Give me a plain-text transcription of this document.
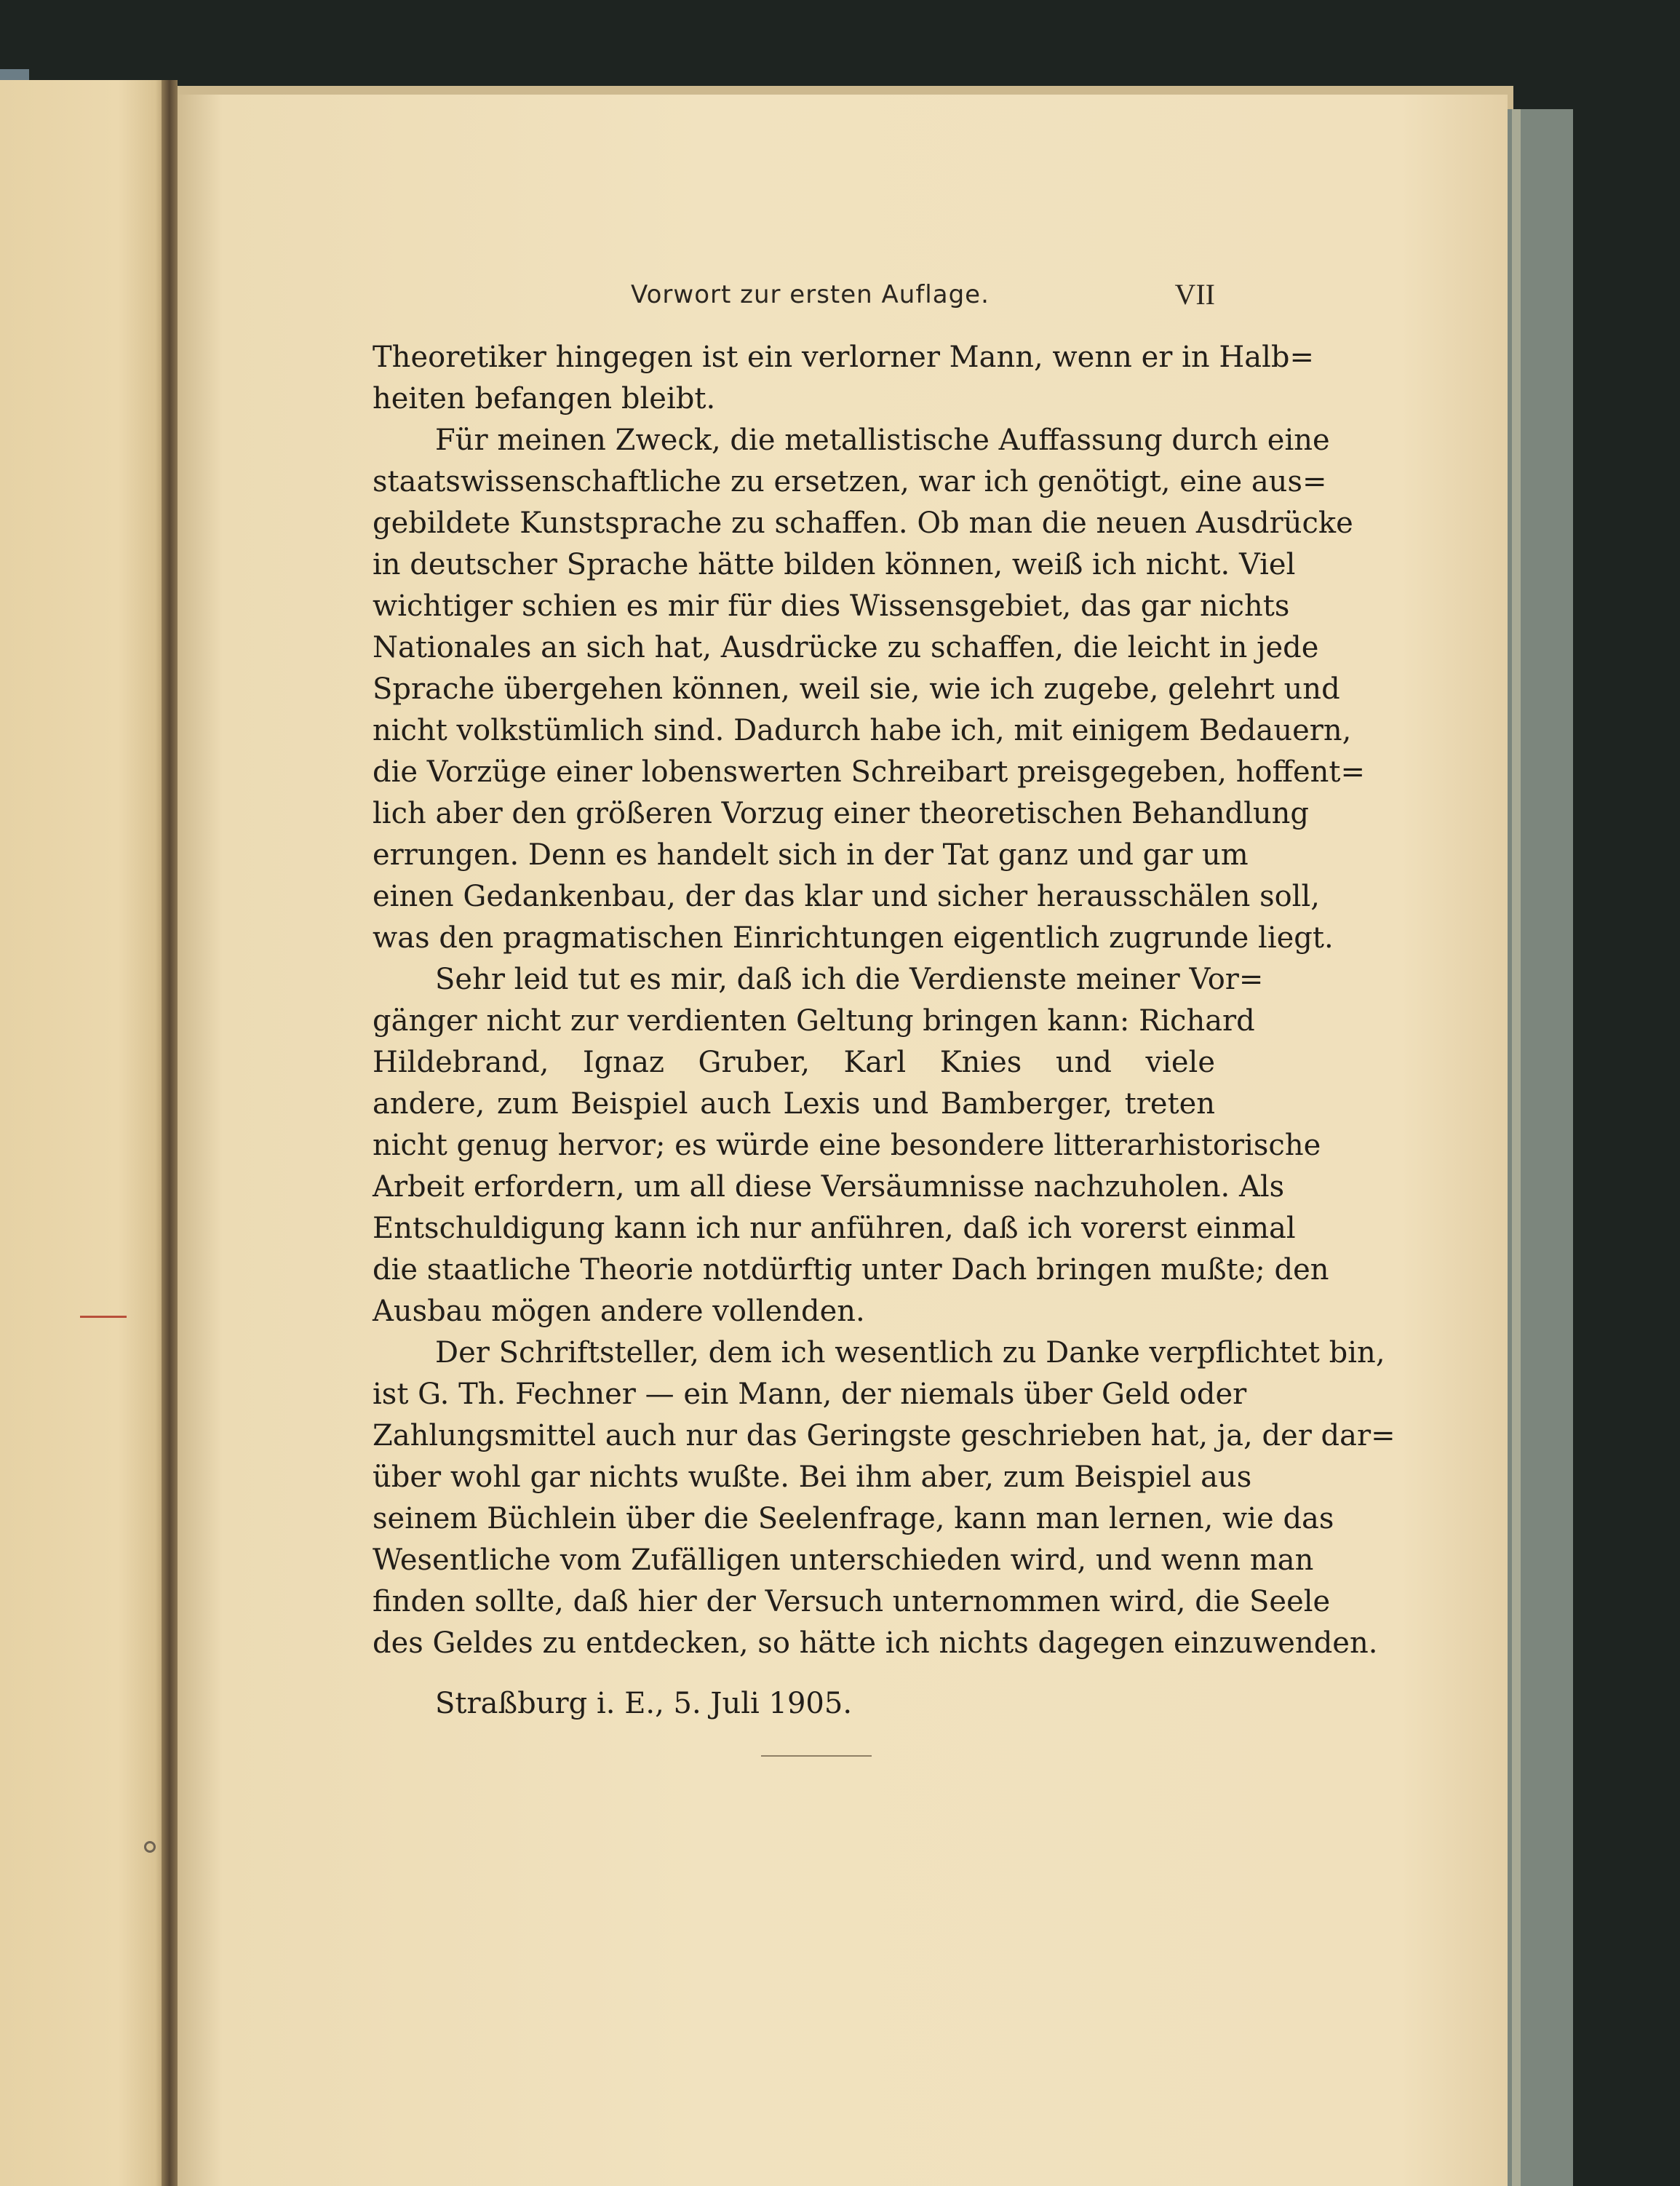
Vorwort zur ersten Auflage.	VII
Theoretiker hingegen ist ein verlorner Mann, wenn er in Halb=
heiten befangen bleibt.
Für meinen Zweck, die metallistische Auffassung durch eine
staatswissenschaftliche zu ersetzen, war ich genötigt, eine aus=
gebildete Kunstsprache zu schaffen. Ob man die neuen Ausdrücke
in deutscher Sprache hätte bilden können, weiß ich nicht. Viel
wichtiger schien es mir für dies Wissensgebiet, das gar nichts
Nationales an sich hat, Ausdrücke zu schaffen, die leicht in jede
Sprache übergehen können, weil sie, wie ich zugebe, gelehrt und
nicht volkstümlich sind. Dadurch habe ich, mit einigem Bedauern,
die Vorzüge einer lobenswerten Schreibart preisgegeben, hoffent=
lich aber den größeren Vorzug einer theoretischen Behandlung
errungen. Denn es handelt sich in der Tat ganz und gar um
einen Gedankenbau, der das klar und sicher herausschälen soll,
was den pragmatischen Einrichtungen eigentlich zugrunde liegt.
Sehr leid tut es mir, daß ich die Verdienste meiner Vor=
gänger nicht zur verdienten Geltung bringen kann: Richard
Hildebrand, Ignaz Gruber, Karl Knies und viele
andere, zum Beispiel auch Lexis und Bamberger, treten
nicht genug hervor; es würde eine besondere litterarhistorische
Arbeit erfordern, um all diese Versäumnisse nachzuholen. Als
Entschuldigung kann ich nur anführen, daß ich vorerst einmal
die staatliche Theorie notdürftig unter Dach bringen mußte; den
Ausbau mögen andere vollenden.
Der Schriftsteller, dem ich wesentlich zu Danke verpflichtet bin,
ist G. Th. Fechner — ein Mann, der niemals über Geld oder
Zahlungsmittel auch nur das Geringste geschrieben hat, ja, der dar=
über wohl gar nichts wußte. Bei ihm aber, zum Beispiel aus
seinem Büchlein über die Seelenfrage, kann man lernen, wie das
Wesentliche vom Zufälligen unterschieden wird, und wenn man
finden sollte, daß hier der Versuch unternommen wird, die Seele
des Geldes zu entdecken, so hätte ich nichts dagegen einzuwenden.
Straßburg i. E., 5. Juli 1905.
